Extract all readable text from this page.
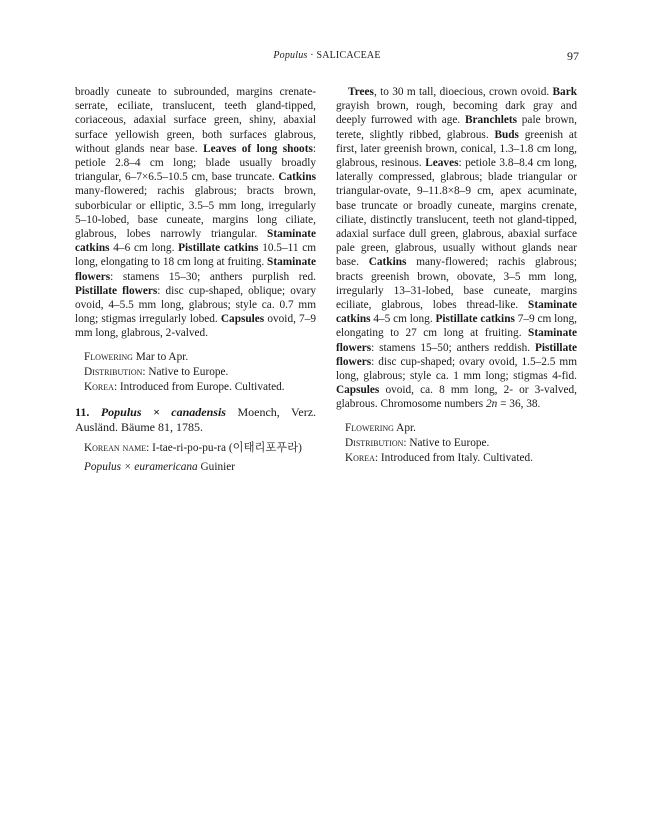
Populus · SALICACEAE	97

broadly cuneate to subrounded, margins crenate-serrate, eciliate, translucent, teeth gland-tipped, coriaceous, adaxial surface green, shiny, abaxial surface yellowish green, both surfaces glabrous, without glands near base. Leaves of long shoots: petiole 2.8–4 cm long; blade usually broadly triangular, 6–7×6.5–10.5 cm, base truncate. Catkins many-flowered; rachis glabrous; bracts brown, suborbicular or elliptic, 3.5–5 mm long, irregularly 5–10-lobed, base cuneate, margins long ciliate, glabrous, lobes narrowly triangular. Staminate catkins 4–6 cm long. Pistillate catkins 10.5–11 cm long, elongating to 18 cm long at fruiting. Staminate flowers: stamens 15–30; anthers purplish red. Pistillate flowers: disc cup-shaped, oblique; ovary ovoid, 4–5.5 mm long, glabrous; style ca. 0.7 mm long; stigmas irregularly lobed. Capsules ovoid, 7–9 mm long, glabrous, 2-valved.

Flowering Mar to Apr.

Distribution: Native to Europe.

Korea: Introduced from Europe. Cultivated.

11. Populus × canadensis Moench, Verz. Ausländ. Bäume 81, 1785.

Korean name: I-tae-ri-po-pu-ra (이태리포푸라)

Populus × euramericana Guinier

Trees, to 30 m tall, dioecious, crown ovoid. Bark grayish brown, rough, becoming dark gray and deeply furrowed with age. Branchlets pale brown, terete, slightly ribbed, glabrous. Buds greenish at first, later greenish brown, conical, 1.3–1.8 cm long, glabrous, resinous. Leaves: petiole 3.8–8.4 cm long, laterally compressed, glabrous; blade triangular or triangular-ovate, 9–11.8×8–9 cm, apex acuminate, base truncate or broadly cuneate, margins crenate, ciliate, distinctly translucent, teeth not gland-tipped, adaxial surface dull green, glabrous, abaxial surface pale green, glabrous, usually without glands near base. Catkins many-flowered; rachis glabrous; bracts greenish brown, obovate, 3–5 mm long, irregularly 13–31-lobed, base cuneate, margins eciliate, glabrous, lobes thread-like. Staminate catkins 4–5 cm long. Pistillate catkins 7–9 cm long, elongating to 27 cm long at fruiting. Staminate flowers: stamens 15–50; anthers reddish. Pistillate flowers: disc cup-shaped; ovary ovoid, 1.5–2.5 mm long, glabrous; style ca. 1 mm long; stigmas 4-fid. Capsules ovoid, ca. 8 mm long, 2- or 3-valved, glabrous. Chromosome numbers 2n = 36, 38.

Flowering Apr.

Distribution: Native to Europe.

Korea: Introduced from Italy. Cultivated.
